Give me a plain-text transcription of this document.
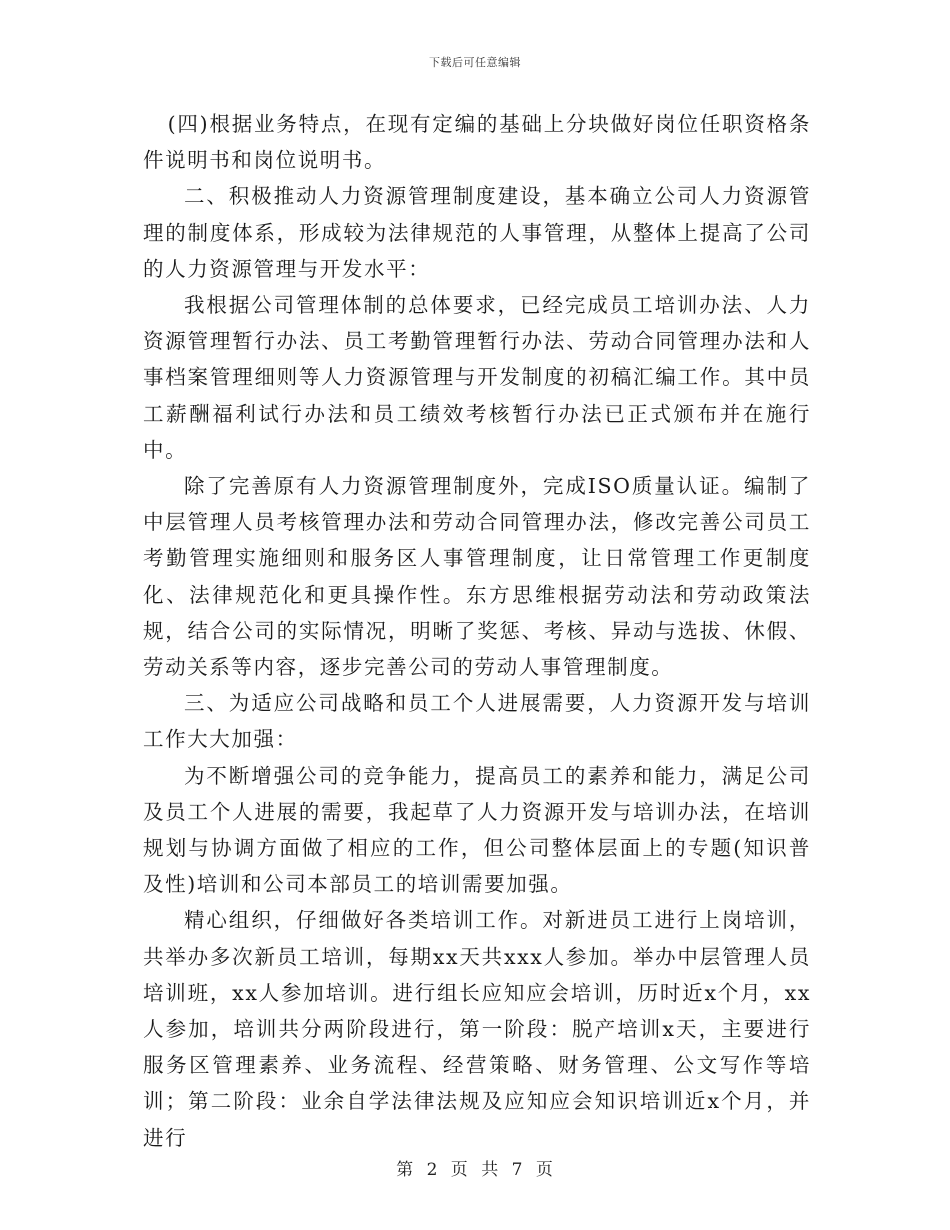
下载后可任意编辑

(四)根据业务特点，在现有定编的基础上分块做好岗位任职资格条件说明书和岗位说明书。

二、积极推动人力资源管理制度建设，基本确立公司人力资源管理的制度体系，形成较为法律规范的人事管理，从整体上提高了公司的人力资源管理与开发水平：

我根据公司管理体制的总体要求，已经完成员工培训办法、人力资源管理暂行办法、员工考勤管理暂行办法、劳动合同管理办法和人事档案管理细则等人力资源管理与开发制度的初稿汇编工作。其中员工薪酬福利试行办法和员工绩效考核暂行办法已正式颁布并在施行中。

除了完善原有人力资源管理制度外，完成ISO质量认证。编制了中层管理人员考核管理办法和劳动合同管理办法，修改完善公司员工考勤管理实施细则和服务区人事管理制度，让日常管理工作更制度化、法律规范化和更具操作性。东方思维根据劳动法和劳动政策法规，结合公司的实际情况，明晰了奖惩、考核、异动与选拔、休假、劳动关系等内容，逐步完善公司的劳动人事管理制度。

三、为适应公司战略和员工个人进展需要，人力资源开发与培训工作大大加强：

为不断增强公司的竞争能力，提高员工的素养和能力，满足公司及员工个人进展的需要，我起草了人力资源开发与培训办法，在培训规划与协调方面做了相应的工作，但公司整体层面上的专题(知识普及性)培训和公司本部员工的培训需要加强。

精心组织，仔细做好各类培训工作。对新进员工进行上岗培训，共举办多次新员工培训，每期xx天共xxx人参加。举办中层管理人员培训班，xx人参加培训。进行组长应知应会培训，历时近x个月，xx人参加，培训共分两阶段进行，第一阶段：脱产培训x天，主要进行服务区管理素养、业务流程、经营策略、财务管理、公文写作等培训；第二阶段：业余自学法律法规及应知应会知识培训近x个月，并进行

第 2 页 共 7 页
